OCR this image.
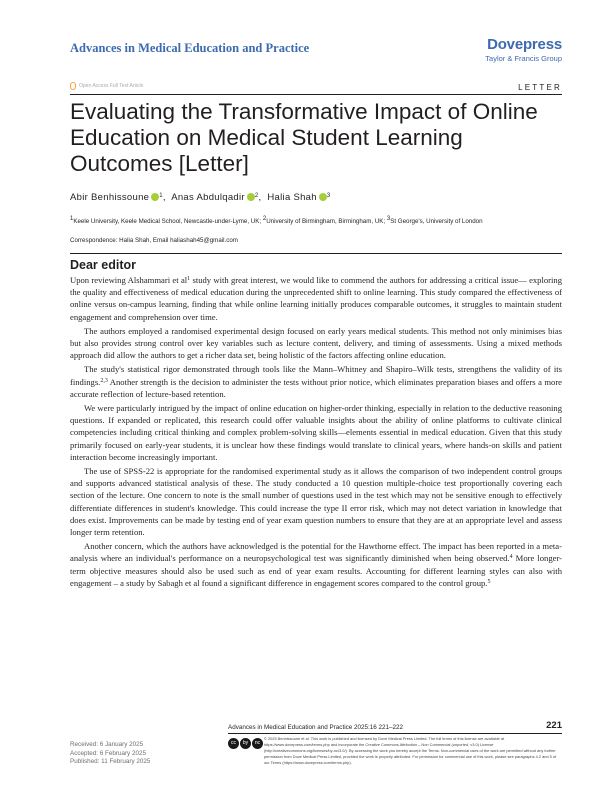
Advances in Medical Education and Practice	Dovepress
Taylor & Francis Group
Open Access Full Text Article	LETTER
Evaluating the Transformative Impact of Online Education on Medical Student Learning Outcomes [Letter]
Abir Benhissoune $^1$,  Anas Abdulqadir $^2$,  Halia Shah $^3$
$^1$Keele University, Keele Medical School, Newcastle-under-Lyme, UK; $^2$University of Birmingham, Birmingham, UK; $^3$St George's, University of London
Correspondence: Halia Shah, Email haliashah45@gmail.com
Dear editor

Upon reviewing Alshammari et $al^1$ study with great interest, we would like to commend the authors for addressing a critical issue— exploring the quality and effectiveness of medical education during the unprecedented shift to online learning. This study compared the effectiveness of online versus on-campus learning, finding that while online learning initially produces comparable outcomes, it struggles to maintain student engagement and comprehension over time.

The authors employed a randomised experimental design focused on early years medical students. This method not only minimises bias but also provides strong control over key variables such as lecture content, delivery, and timing of assessments. Using a mixed methods approach did allow the authors to get a richer data set, being holistic of the factors affecting online education.

The study's statistical rigor demonstrated through tools like the Mann–Whitney and Shapiro–Wilk tests, strengthens the validity of its findings.$^{2,3}$ Another strength is the decision to administer the tests without prior notice, which eliminates preparation biases and offers a more accurate reflection of lecture-based retention.

We were particularly intrigued by the impact of online education on higher-order thinking, especially in relation to the deductive reasoning questions. If expanded or replicated, this research could offer valuable insights about the ability of online platforms to cultivate clinical competencies including critical thinking and complex problem-solving skills—elements essential in medical education. Given that this study primarily focused on early-year students, it is unclear how these findings would translate to clinical years, where hands-on skills and patient interaction become increasingly important.

The use of SPSS-22 is appropriate for the randomised experimental study as it allows the comparison of two independent control groups and supports advanced statistical analysis of these. The study conducted a 10 question multiple-choice test proportionally covering each section of the lecture. One concern to note is the small number of questions used in the test which may not be sensitive enough to effectively differentiate differences in student's knowledge. This could increase the type II error risk, which may not detect variation in knowledge that does exist. Improvements can be made by testing end of year exam question numbers to ensure that they are at an appropriate level and assess longer term retention.

Another concern, which the authors have acknowledged is the potential for the Hawthorne effect. The impact has been reported in a meta-analysis where an individual's performance on a neuropsychological test was significantly diminished when being observed.$^4$ More longer-term objective measures should also be used such as end of year exam results. Accounting for different learning styles can also with engagement – a study by Sabagh et al found a significant difference in engagement scores compared to the control group.$^5$

Advances in Medical Education and Practice 2025:16 221–222	221
cc	by	nc
© 2025 Benhissoune et al. This work is published and licensed by Dove Medical Press Limited. The full terms of this license are available at https://www.dovepress.com/terms.php and incorporate the Creative Commons Attribution – Non Commercial (unported, v3.0) License (http://creativecommons.org/licenses/by-nc/3.0/). By accessing the work you hereby accept the Terms. Non-commercial uses of the work are permitted without any further permission from Dove Medical Press Limited, provided the work is properly attributed. For permission for commercial use of this work, please see paragraphs 4.2 and 5 of our Terms (https://www.dovepress.com/terms.php).
Received: 6 January 2025
Accepted: 6 February 2025
Published: 11 February 2025
